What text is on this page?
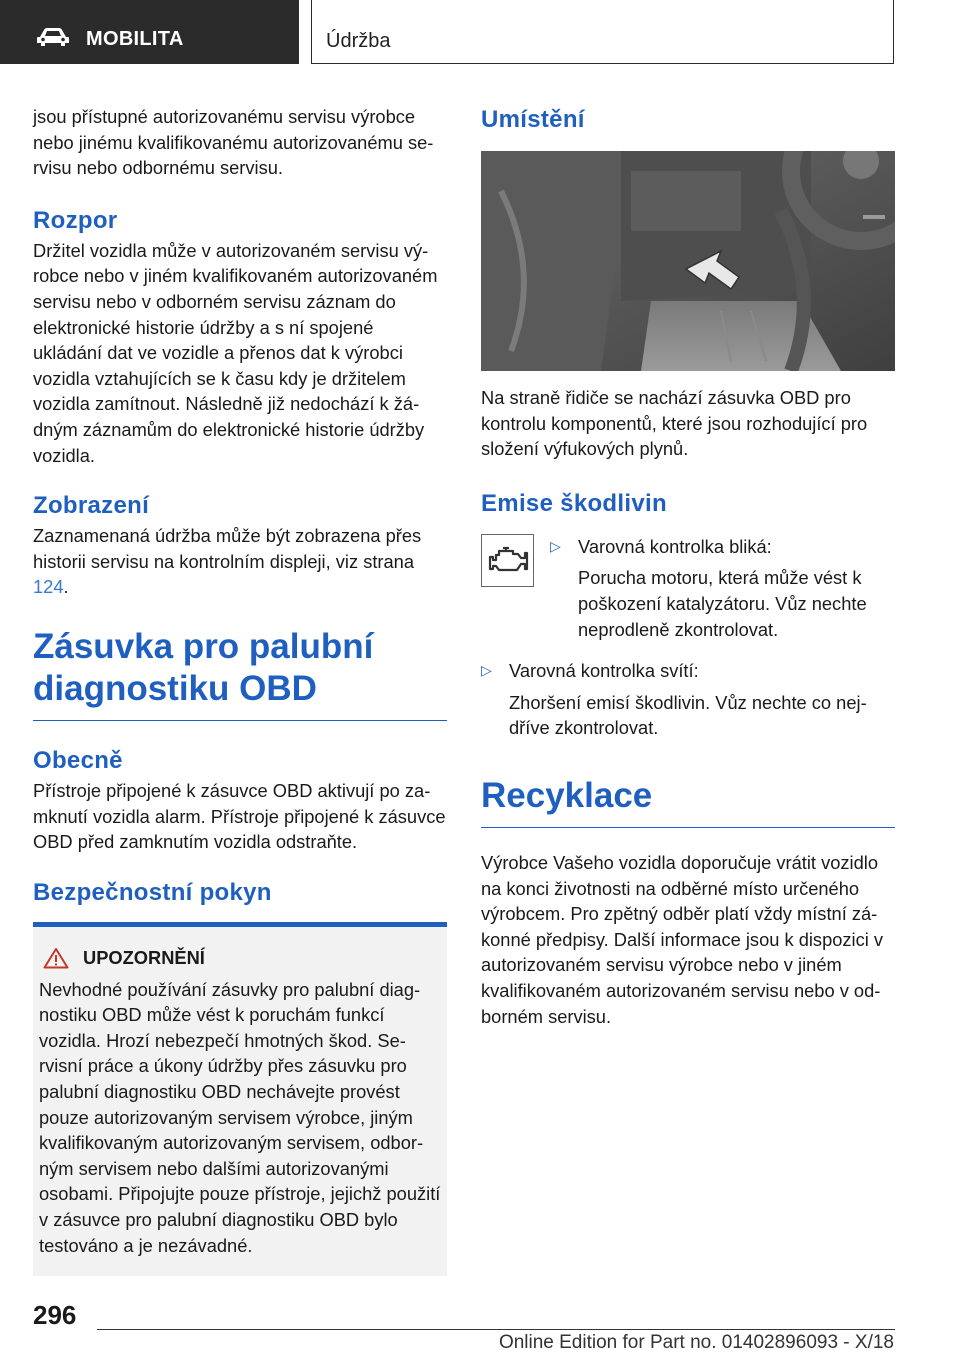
MOBILITA	Údržba

jsou přístupné autorizovanému servisu výrobce nebo jinému kvalifikovanému autorizovanému servisu nebo odbornému servisu.

Rozpor

Držitel vozidla může v autorizovaném servisu výrobce nebo v jiném kvalifikovaném autorizovaném servisu nebo v odborném servisu záznam do elektronické historie údržby a s ní spojené ukládání dat ve vozidle a přenos dat k výrobci vozidla vztahujících se k času kdy je držitelem vozidla zamítnout. Následně již nedochází k žádným záznamům do elektronické historie údržby vozidla.

Zobrazení

Zaznamenaná údržba může být zobrazena přes historii servisu na kontrolním displeji, viz strana 124.

Zásuvka pro palubní diagnostiku OBD
Obecně

Přístroje připojené k zásuvce OBD aktivují po zamknutí vozidla alarm. Přístroje připojené k zásuvce OBD před zamknutím vozidla odstraňte.

Bezpečnostní pokyn
UPOZORNĚNÍ

Nevhodné používání zásuvky pro palubní diagnostiku OBD může vést k poruchám funkcí vozidla. Hrozí nebezpečí hmotných škod. Servisní práce a úkony údržby přes zásuvku pro palubní diagnostiku OBD nechávejte provést pouze autorizovaným servisem výrobce, jiným kvalifikovaným autorizovaným servisem, odborným servisem nebo dalšími autorizovanými osobami. Připojujte pouze přístroje, jejichž použití v zásuvce pro palubní diagnostiku OBD bylo testováno a je nezávadné.

Umístění

Na straně řidiče se nachází zásuvka OBD pro kontrolu komponentů, které jsou rozhodující pro složení výfukových plynů.

Emise škodlivin
▷ Varovná kontrolka bliká:

Porucha motoru, která může vést k poškození katalyzátoru. Vůz nechte neprodleně zkontrolovat.

▷ Varovná kontrolka svítí:

Zhoršení emisí škodlivin. Vůz nechte co nejdříve zkontrolovat.

Recyklace

Výrobce Vašeho vozidla doporučuje vrátit vozidlo na konci životnosti na odběrné místo určeného výrobcem. Pro zpětný odběr platí vždy místní zákonné předpisy. Další informace jsou k dispozici v autorizovaném servisu výrobce nebo v jiném kvalifikovaném autorizovaném servisu nebo v odborném servisu.

296
Online Edition for Part no. 01402896093 - X/18
